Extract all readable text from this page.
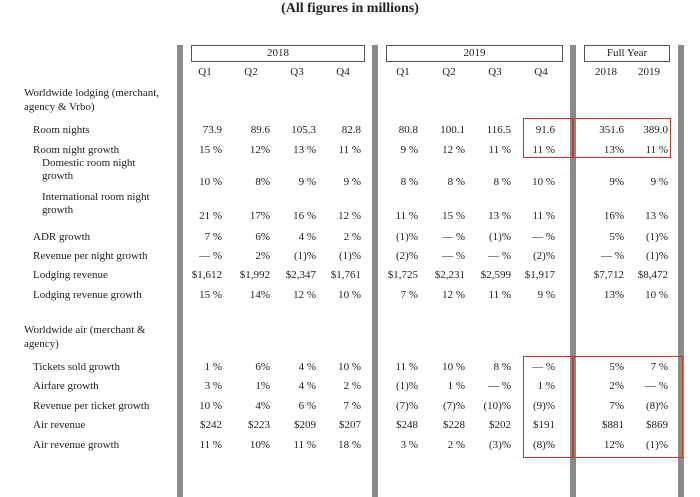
(All figures in millions)
2018	2019	Full Year
Q1	Q2	Q3	Q4	Q1	Q2	Q3	Q4	2018	2019
Worldwide lodging (merchant, agency & Vrbo)
Worldwide air (merchant & agency)
Room nights	73.9	89.6	105.3	82.8	80.8	100.1	116.5	91.6	351.6	389.0
Room night growth	15 %	12%	13 %	11 %	9 %	12 %	11 %	11 %	13%	11 %
Domestic room night
growth	10 %	8%	9 %	9 %	8 %	8 %	8 %	10 %	9%	9 %
International room night
growth	21 %	17%	16 %	12 %	11 %	15 %	13 %	11 %	16%	13 %
ADR growth	7 %	6%	4 %	2 %	(1)%	— %	(1)%	— %	5%	(1)%
Revenue per night growth	— %	2%	(1)%	(1)%	(2)%	— %	— %	(2)%	— %	(1)%
Lodging revenue	$1,612	$1,992	$2,347	$1,761	$1,725	$2,231	$2,599	$1,917	$7,712	$8,472
Lodging revenue growth	15 %	14%	12 %	10 %	7 %	12 %	11 %	9 %	13%	10 %
Tickets sold growth	1 %	6%	4 %	10 %	11 %	10 %	8 %	— %	5%	7 %
Airfare growth	3 %	1%	4 %	2 %	(1)%	1 %	— %	1 %	2%	— %
Revenue per ticket growth	10 %	4%	6 %	7 %	(7)%	(7)%	(10)%	(9)%	7%	(8)%
Air revenue	$242	$223	$209	$207	$248	$228	$202	$191	$881	$869
Air revenue growth	11 %	10%	11 %	18 %	3 %	2 %	(3)%	(8)%	12%	(1)%
